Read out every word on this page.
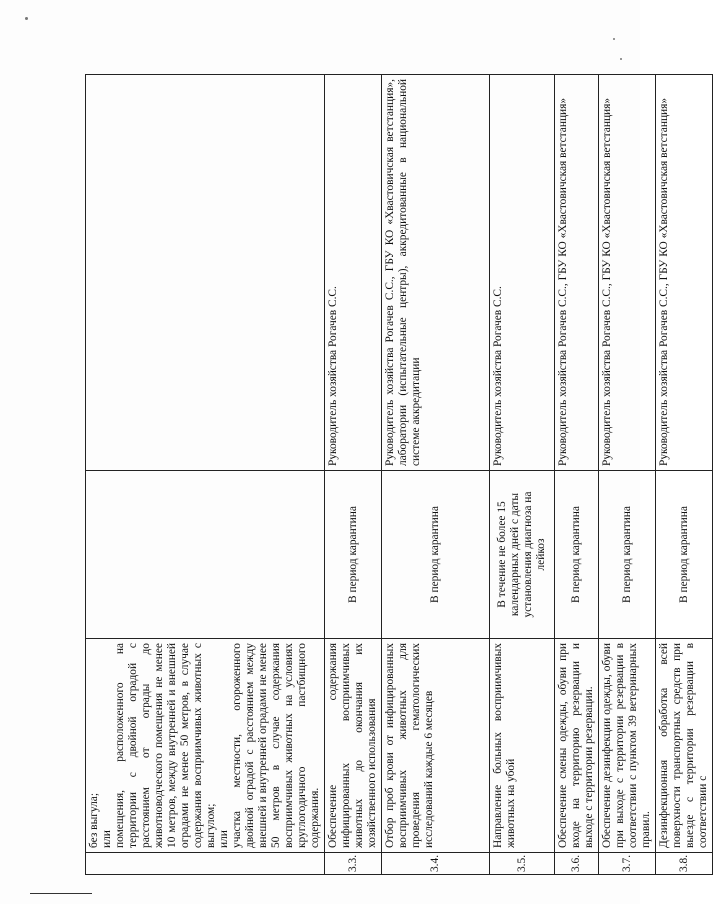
	без выгула; или помещения, расположенного на территории с двойной оградой с расстоянием от ограды до животноводческого помещения не менее 10 метров, между внутренней и внешней оградами не менее 50 метров, в случае содержания восприимчивых животных с выгулом; или участка местности, огороженного двойной оградой с расстоянием между внешней и внутренней оградами не менее 50 метров в случае содержания восприимчивых животных на условиях круглогодичного пастбищного содержания.		

3.3.	Обеспечение содержания инфицированных восприимчивых животных до окончания их хозяйственного использования	В период карантина	Руководитель хозяйства Рогачев С.С.
3.4.	Отбор проб крови от инфицированных восприимчивых животных для проведения гематологических исследований каждые 6 месяцев	В период карантина	Руководитель хозяйства Рогачев С.С., ГБУ КО «Хвастовичская ветстанция», лаборатории (испытательные центры), аккредитованные в национальной системе аккредитации
3.5.	Направление больных восприимчивых животных на убой	В течение не более 15 календарных дней с даты установления диагноза на лейкоз	Руководитель хозяйства Рогачев С.С.
3.6.	Обеспечение смены одежды, обуви при входе на территорию резервации и выходе с территории резервации.	В период карантина	Руководитель хозяйства Рогачев С.С., ГБУ КО «Хвастовичская ветстанция»
3.7.	Обеспечение дезинфекции одежды, обуви при выходе с территории резервации в соответствии с пунктом 39 ветеринарных правил.	В период карантина	Руководитель хозяйства Рогачев С.С., ГБУ КО «Хвастовичская ветстанция»
3.8.	Дезинфекционная обработка всей поверхности транспортных средств при выезде с территории резервации в соответствии с	В период карантина	Руководитель хозяйства Рогачев С.С., ГБУ КО «Хвастовичская ветстанция»
